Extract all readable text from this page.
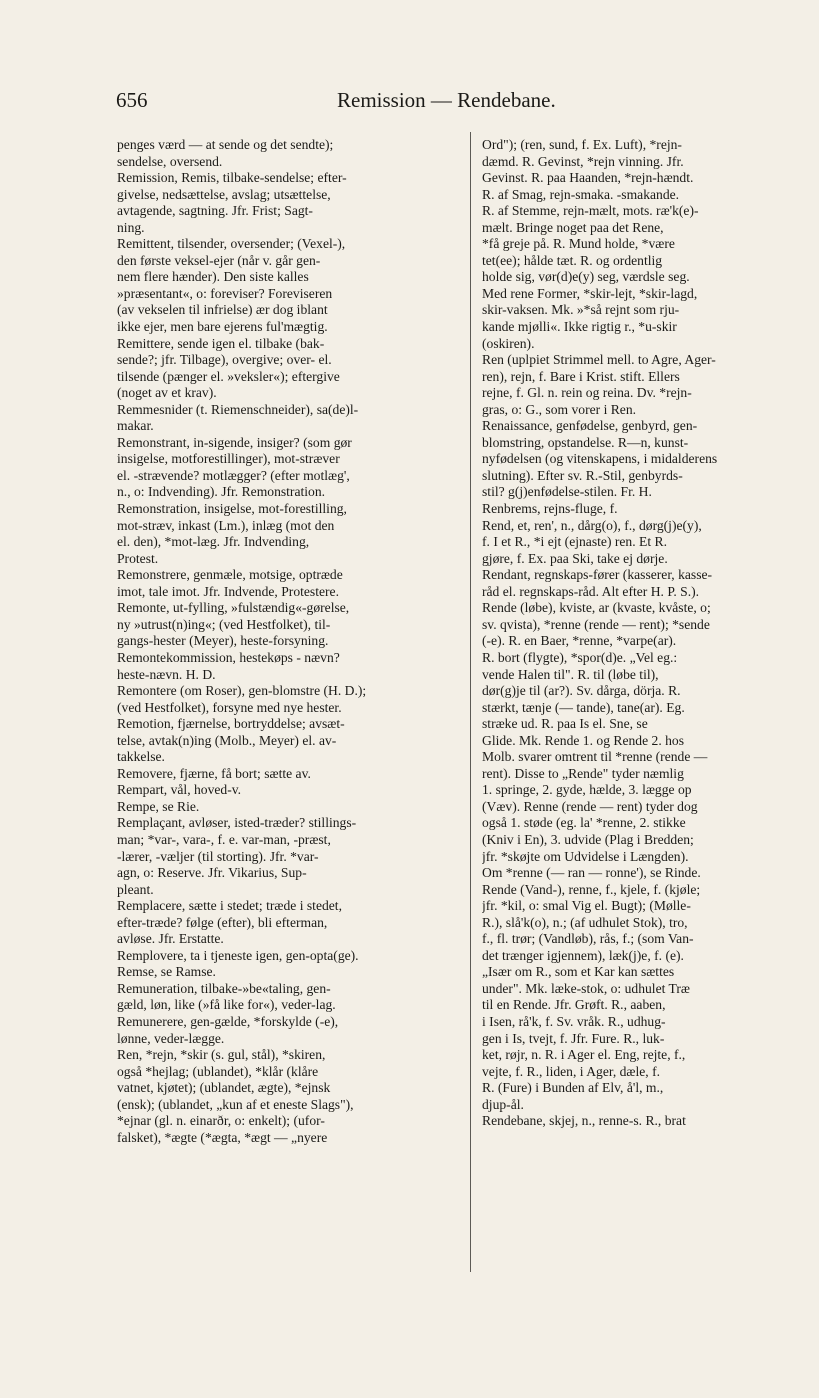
656	Remission — Rendebane.
penges værd — at sende og det sendte);
sendelse, oversend.
Remission, Remis, tilbake-sendelse; efter-
givelse, nedsættelse, avslag; utsættelse,
avtagende, sagtning. Jfr. Frist; Sagt-
ning.
Remittent, tilsender, oversender; (Vexel-),
den første veksel-ejer (når v. går gen-
nem flere hænder). Den siste kalles
»præsentant«, o: foreviser? Foreviseren
(av vekselen til infrielse) ær dog iblant
ikke ejer, men bare ejerens ful'mægtig.
Remittere, sende igen el. tilbake (bak-
sende?; jfr. Tilbage), overgive; over- el.
tilsende (pænger el. »veksler«); eftergive
(noget av et krav).
Remmesnider (t. Riemenschneider), sa(de)l-
makar.
Remonstrant, in-sigende, insiger? (som gør
insigelse, motforestillinger), mot-stræver
el. -strævende? motlægger? (efter motlæg',
n., o: Indvending). Jfr. Remonstration.
Remonstration, insigelse, mot-forestilling,
mot-stræv, inkast (Lm.), inlæg (mot den
el. den), *mot-læg. Jfr. Indvending,
Protest.
Remonstrere, genmæle, motsige, optræde
imot, tale imot. Jfr. Indvende, Protestere.
Remonte, ut-fylling, »fulstændig«-gørelse,
ny »utrust(n)ing«; (ved Hestfolket), til-
gangs-hester (Meyer), heste-forsyning.
Remontekommission, hestekøps - nævn?
heste-nævn. H. D.
Remontere (om Roser), gen-blomstre (H. D.);
(ved Hestfolket), forsyne med nye hester.
Remotion, fjærnelse, bortryddelse; avsæt-
telse, avtak(n)ing (Molb., Meyer) el. av-
takkelse.
Removere, fjærne, få bort; sætte av.
Rempart, vål, hoved-v.
Rempe, se Rie.
Remplaçant, avløser, isted-træder? stillings-
man; *var-, vara-, f. e. var-man, -præst,
-lærer, -væljer (til storting). Jfr. *var-
agn, o: Reserve. Jfr. Vikarius, Sup-
pleant.
Remplacere, sætte i stedet; træde i stedet,
efter-træde? følge (efter), bli efterman,
avløse. Jfr. Erstatte.
Remplovere, ta i tjeneste igen, gen-opta(ge).
Remse, se Ramse.
Remuneration, tilbake-»be«taling, gen-
gæld, løn, like (»få like for«), veder-lag.
Remunerere, gen-gælde, *forskylde (-e),
lønne, veder-lægge.
Ren, *rejn, *skir (s. gul, stål), *skiren,
også *hejlag; (ublandet), *klår (klåre
vatnet, kjøtet); (ublandet, ægte), *ejnsk
(ensk); (ublandet, „kun af et eneste Slags"),
*ejnar (gl. n. einarðr, o: enkelt); (ufor-
falsket), *ægte (*ægta, *ægt — „nyere
Ord"); (ren, sund, f. Ex. Luft), *rejn-
dæmd. R. Gevinst, *rejn vinning. Jfr.
Gevinst. R. paa Haanden, *rejn-hændt.
R. af Smag, rejn-smaka. -smakande.
R. af Stemme, rejn-mælt, mots. ræ'k(e)-
mælt. Bringe noget paa det Rene,
*få greje på. R. Mund holde, *være
tet(ee); hålde tæt. R. og ordentlig
holde sig, vør(d)e(y) seg, værdsle seg.
Med rene Former, *skir-lejt, *skir-lagd,
skir-vaksen. Mk. »*så rejnt som rju-
kande mjølli«. Ikke rigtig r., *u-skir
(oskiren).
Ren (uplpiet Strimmel mell. to Agre, Ager-
ren), rejn, f. Bare i Krist. stift. Ellers
rejne, f. Gl. n. rein og reina. Dv. *rejn-
gras, o: G., som vorer i Ren.
Renaissance, genfødelse, genbyrd, gen-
blomstring, opstandelse. R—n, kunst-
nyfødelsen (og vitenskapens, i midalderens
slutning). Efter sv. R.-Stil, genbyrds-
stil? g(j)enfødelse-stilen. Fr. H.
Renbrems, rejns-fluge, f.
Rend, et, ren', n., dårg(o), f., dørg(j)e(y),
f. I et R., *i ejt (ejnaste) ren. Et R.
gjøre, f. Ex. paa Ski, take ej dørje.
Rendant, regnskaps-fører (kasserer, kasse-
råd el. regnskaps-råd. Alt efter H. P. S.).
Rende (løbe), kviste, ar (kvaste, kvåste, o;
sv. qvista), *renne (rende — rent); *sende
(-e). R. en Baer, *renne, *varpe(ar).
R. bort (flygte), *spor(d)e. „Vel eg.:
vende Halen til". R. til (løbe til),
dør(g)je til (ar?). Sv. dårga, dörja. R.
stærkt, tænje (— tande), tane(ar). Eg.
stræke ud. R. paa Is el. Sne, se
Glide. Mk. Rende 1. og Rende 2. hos
Molb. svarer omtrent til *renne (rende —
rent). Disse to „Rende" tyder næmlig
1. springe, 2. gyde, hælde, 3. lægge op
(Væv). Renne (rende — rent) tyder dog
også 1. støde (eg. la' *renne, 2. stikke
(Kniv i En), 3. udvide (Plag i Bredden;
jfr. *skøjte om Udvidelse i Længden).
Om *renne (— ran — ronne'), se Rinde.
Rende (Vand-), renne, f., kjele, f. (kjøle;
jfr. *kil, o: smal Vig el. Bugt); (Mølle-
R.), slå'k(o), n.; (af udhulet Stok), tro,
f., fl. trør; (Vandløb), rås, f.; (som Van-
det trænger igjennem), læk(j)e, f. (e).
„Især om R., som et Kar kan sættes
under". Mk. læke-stok, o: udhulet Træ
til en Rende. Jfr. Grøft. R., aaben,
i Isen, rå'k, f. Sv. vråk. R., udhug-
gen i Is, tvejt, f. Jfr. Fure. R., luk-
ket, røjr, n. R. i Ager el. Eng, rejte, f.,
vejte, f. R., liden, i Ager, dæle, f.
R. (Fure) i Bunden af Elv, å'l, m.,
djup-ål.
Rendebane, skjej, n., renne-s. R., brat
